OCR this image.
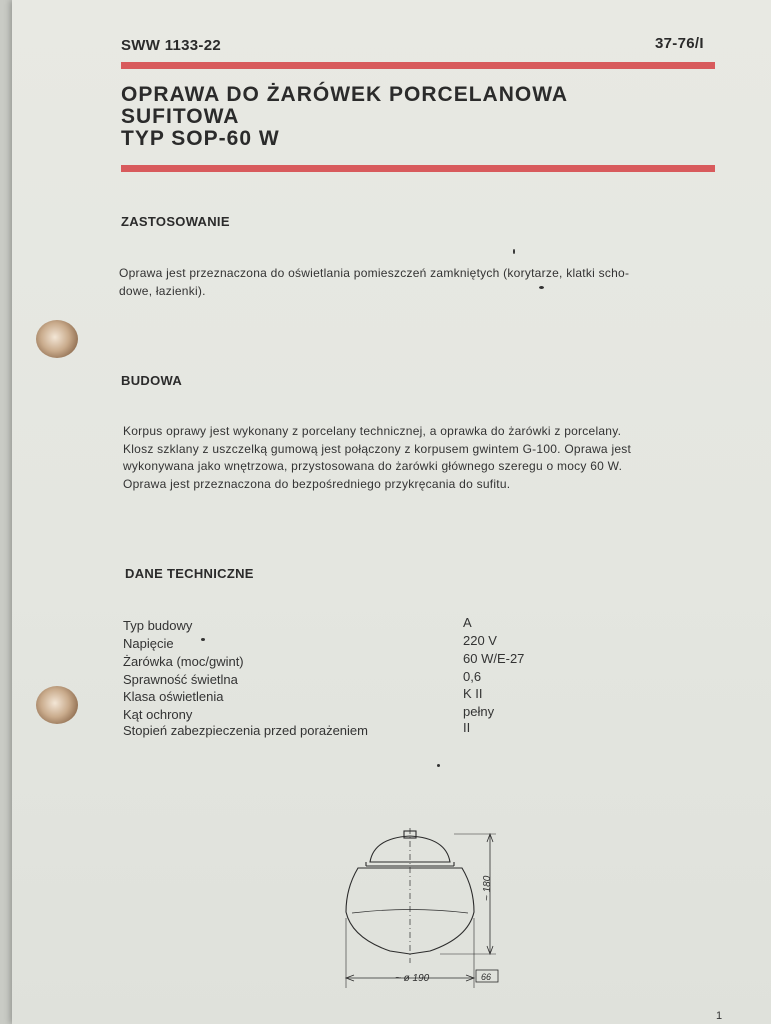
SWW 1133-22	37-76/I
OPRAWA DO ŻARÓWEK PORCELANOWA
SUFITOWA
TYP SOP-60 W
ZASTOSOWANIE
Oprawa jest przeznaczona do oświetlania pomieszczeń zamkniętych (korytarze, klatki scho-
dowe, łazienki).
BUDOWA
Korpus oprawy jest wykonany z porcelany technicznej, a oprawka do żarówki z porcelany.
Klosz szklany z uszczelką gumową jest połączony z korpusem gwintem G-100. Oprawa jest
wykonywana jako wnętrzowa, przystosowana do żarówki głównego szeregu o mocy 60 W.
Oprawa jest przeznaczona do bezpośredniego przykręcania do sufitu.
DANE TECHNICZNE
Typ budowy	A
Napięcie	220 V
Żarówka (moc/gwint)	60 W/E-27
Sprawność świetlna	0,6
Klasa oświetlenia	K II
Kąt ochrony	pełny
Stopień zabezpieczenia przed porażeniem	II
~ 180
~ ø 190	66
1
